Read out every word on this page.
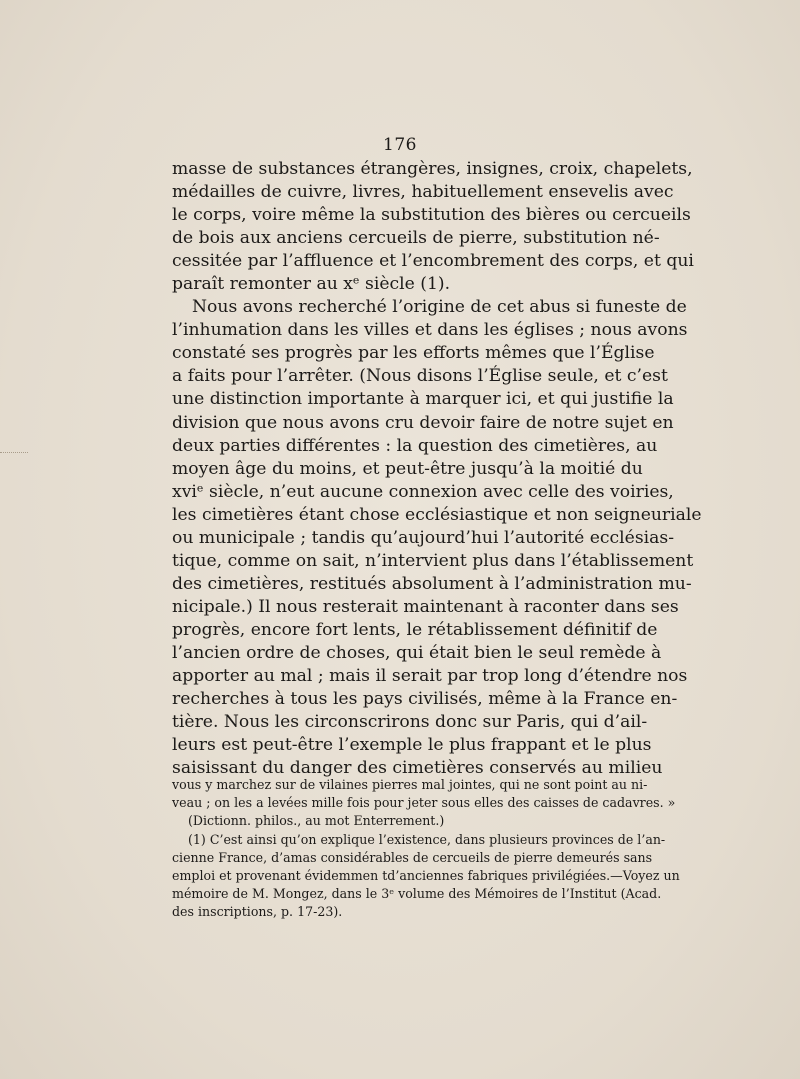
176
masse de substances étrangères, insignes, croix, chapelets,
médailles de cuivre, livres, habituellement ensevelis avec
le corps, voire même la substitution des bières ou cercueils
de bois aux anciens cercueils de pierre, substitution né-
cessitée par l’affluence et l’encombrement des corps, et qui
paraît remonter au xᵉ siècle (1).
Nous avons recherché l’origine de cet abus si funeste de
l’inhumation dans les villes et dans les églises ; nous avons
constaté ses progrès par les efforts mêmes que l’Église
a faits pour l’arrêter. (Nous disons l’Église seule, et c’est
une distinction importante à marquer ici, et qui justifie la
division que nous avons cru devoir faire de notre sujet en
deux parties différentes : la question des cimetières, au
moyen âge du moins, et peut-être jusqu’à la moitié du
xviᵉ siècle, n’eut aucune connexion avec celle des voiries,
les cimetières étant chose ecclésiastique et non seigneuriale
ou municipale ; tandis qu’aujourd’hui l’autorité ecclésias-
tique, comme on sait, n’intervient plus dans l’établissement
des cimetières, restitués absolument à l’administration mu-
nicipale.) Il nous resterait maintenant à raconter dans ses
progrès, encore fort lents, le rétablissement définitif de
l’ancien ordre de choses, qui était bien le seul remède à
apporter au mal ; mais il serait par trop long d’étendre nos
recherches à tous les pays civilisés, même à la France en-
tière. Nous les circonscrirons donc sur Paris, qui d’ail-
leurs est peut-être l’exemple le plus frappant et le plus
saisissant du danger des cimetières conservés au milieu
vous y marchez sur de vilaines pierres mal jointes, qui ne sont point au ni-
veau ; on les a levées mille fois pour jeter sous elles des caisses de cadavres. »
(Dictionn. philos., au mot Enterrement.)
(1) C’est ainsi qu’on explique l’existence, dans plusieurs provinces de l’an-
cienne France, d’amas considérables de cercueils de pierre demeurés sans
emploi et provenant évidemmen td’anciennes fabriques privilégiées.—Voyez un
mémoire de M. Mongez, dans le 3ᵉ volume des Mémoires de l’Institut (Acad.
des inscriptions, p. 17-23).
